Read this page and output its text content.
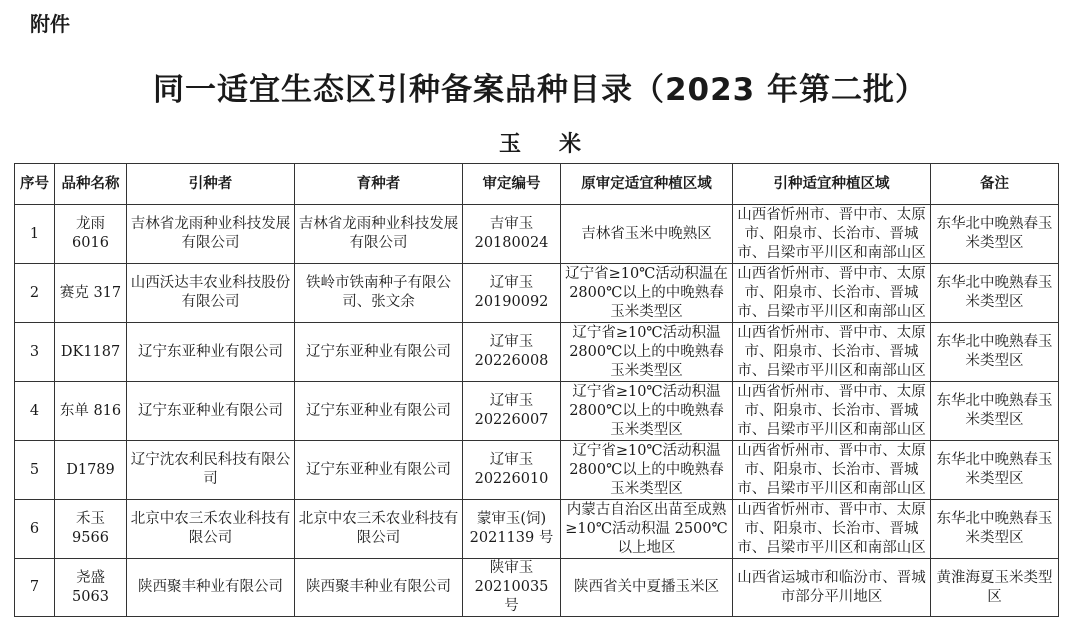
附件
同一适宜生态区引种备案品种目录（2023 年第二批）
玉米
序号	品种名称	引种者	育种者	审定编号	原审定适宜种植区域	引种适宜种植区域	备注
1	龙雨 6016	吉林省龙雨种业科技发展有限公司	吉林省龙雨种业科技发展有限公司	吉审玉 20180024	吉林省玉米中晚熟区	山西省忻州市、晋中市、太原市、阳泉市、长治市、晋城市、吕梁市平川区和南部山区	东华北中晚熟春玉米类型区
2	赛克 317	山西沃达丰农业科技股份有限公司	铁岭市铁南种子有限公司、张文余	辽审玉 20190092	辽宁省≥10℃活动积温在 2800℃以上的中晚熟春玉米类型区	山西省忻州市、晋中市、太原市、阳泉市、长治市、晋城市、吕梁市平川区和南部山区	东华北中晚熟春玉米类型区
3	DK1187	辽宁东亚种业有限公司	辽宁东亚种业有限公司	辽审玉 20226008	辽宁省≥10℃活动积温 2800℃以上的中晚熟春玉米类型区	山西省忻州市、晋中市、太原市、阳泉市、长治市、晋城市、吕梁市平川区和南部山区	东华北中晚熟春玉米类型区
4	东单 816	辽宁东亚种业有限公司	辽宁东亚种业有限公司	辽审玉 20226007	辽宁省≥10℃活动积温 2800℃以上的中晚熟春玉米类型区	山西省忻州市、晋中市、太原市、阳泉市、长治市、晋城市、吕梁市平川区和南部山区	东华北中晚熟春玉米类型区
5	D1789	辽宁沈农利民科技有限公司	辽宁东亚种业有限公司	辽审玉 20226010	辽宁省≥10℃活动积温 2800℃以上的中晚熟春玉米类型区	山西省忻州市、晋中市、太原市、阳泉市、长治市、晋城市、吕梁市平川区和南部山区	东华北中晚熟春玉米类型区
6	禾玉 9566	北京中农三禾农业科技有限公司	北京中农三禾农业科技有限公司	蒙审玉(饲) 2021139 号	内蒙古自治区出苗至成熟≥10℃活动积温 2500℃以上地区	山西省忻州市、晋中市、太原市、阳泉市、长治市、晋城市、吕梁市平川区和南部山区	东华北中晚熟春玉米类型区
7	尧盛 5063	陕西聚丰种业有限公司	陕西聚丰种业有限公司	陕审玉 20210035 号	陕西省关中夏播玉米区	山西省运城市和临汾市、晋城市部分平川地区	黄淮海夏玉米类型区
